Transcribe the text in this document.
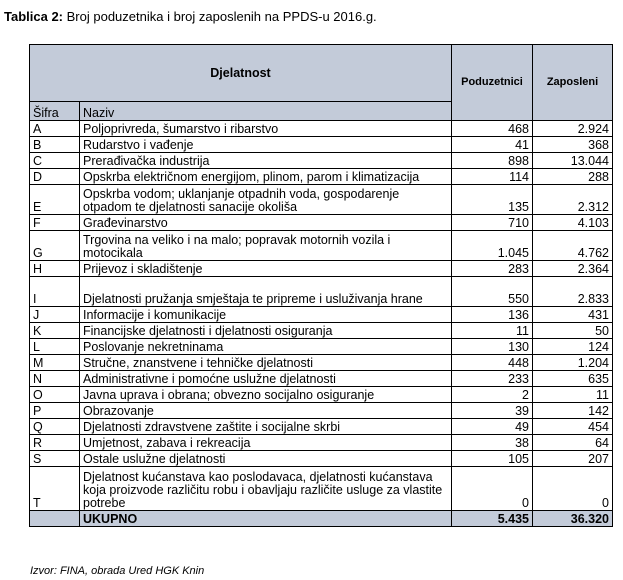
Tablica 2: Broj poduzetnika i broj zaposlenih na PPDS-u 2016.g.
Djelatnost		Poduzetnici	Zaposleni
Šifra	Naziv		
A	Poljoprivreda, šumarstvo i ribarstvo	468	2.924
B	Rudarstvo i vađenje	41	368
C	Prerađivačka industrija	898	13.044
D	Opskrba električnom energijom, plinom, parom i klimatizacija	114	288
E	Opskrba vodom; uklanjanje otpadnih voda, gospodarenje otpadom te djelatnosti sanacije okoliša	135	2.312
F	Građevinarstvo	710	4.103
G	Trgovina na veliko i na malo; popravak motornih vozila i motocikala	1.045	4.762
H	Prijevoz i skladištenje	283	2.364
I	Djelatnosti pružanja smještaja te pripreme i usluživanja hrane	550	2.833
J	Informacije i komunikacije	136	431
K	Financijske djelatnosti i djelatnosti osiguranja	11	50
L	Poslovanje nekretninama	130	124
M	Stručne, znanstvene i tehničke djelatnosti	448	1.204
N	Administrativne i pomoćne uslužne djelatnosti	233	635
O	Javna uprava i obrana; obvezno socijalno osiguranje	2	11
P	Obrazovanje	39	142
Q	Djelatnosti zdravstvene zaštite i socijalne skrbi	49	454
R	Umjetnost, zabava i rekreacija	38	64
S	Ostale uslužne djelatnosti	105	207
T	Djelatnost kućanstava kao poslodavaca, djelatnosti kućanstava koja proizvode različitu robu i obavljaju različite usluge za vlastite potrebe	0	0
	UKUPNO	5.435	36.320
Izvor: FINA, obrada Ured HGK Knin
